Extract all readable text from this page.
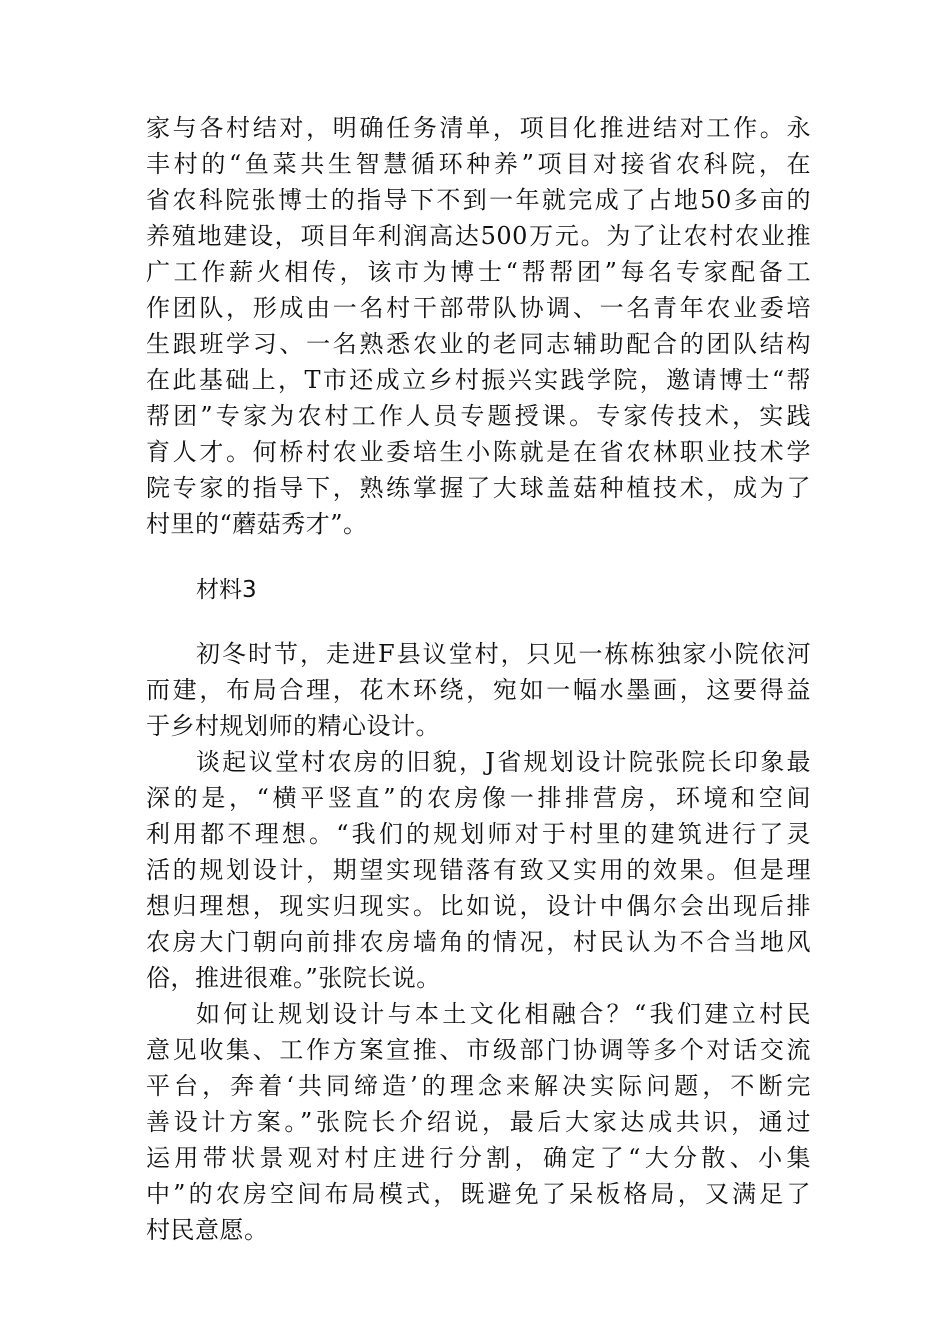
家与各村结对，明确任务清单，项目化推进结对工作。永
丰村的“鱼菜共生智慧循环种养”项目对接省农科院，在
省农科院张博士的指导下不到一年就完成了占地50多亩的
养殖地建设，项目年利润高达500万元。为了让农村农业推
广工作薪火相传，该市为博士“帮帮团”每名专家配备工
作团队，形成由一名村干部带队协调、一名青年农业委培
生跟班学习、一名熟悉农业的老同志辅助配合的团队结构
在此基础上，T市还成立乡村振兴实践学院，邀请博士“帮
帮团”专家为农村工作人员专题授课。专家传技术，实践
育人才。何桥村农业委培生小陈就是在省农林职业技术学
院专家的指导下，熟练掌握了大球盖菇种植技术，成为了
村里的“蘑菇秀才”。
材料3
初冬时节，走进F县议堂村，只见一栋栋独家小院依河
而建，布局合理，花木环绕，宛如一幅水墨画，这要得益
于乡村规划师的精心设计。
谈起议堂村农房的旧貌，J省规划设计院张院长印象最
深的是，“横平竖直”的农房像一排排营房，环境和空间
利用都不理想。“我们的规划师对于村里的建筑进行了灵
活的规划设计，期望实现错落有致又实用的效果。但是理
想归理想，现实归现实。比如说，设计中偶尔会出现后排
农房大门朝向前排农房墙角的情况，村民认为不合当地风
俗，推进很难。”张院长说。
如何让规划设计与本土文化相融合？“我们建立村民
意见收集、工作方案宣推、市级部门协调等多个对话交流
平台，奔着‘共同缔造’的理念来解决实际问题，不断完
善设计方案。”张院长介绍说，最后大家达成共识，通过
运用带状景观对村庄进行分割，确定了“大分散、小集
中”的农房空间布局模式，既避免了呆板格局，又满足了
村民意愿。
